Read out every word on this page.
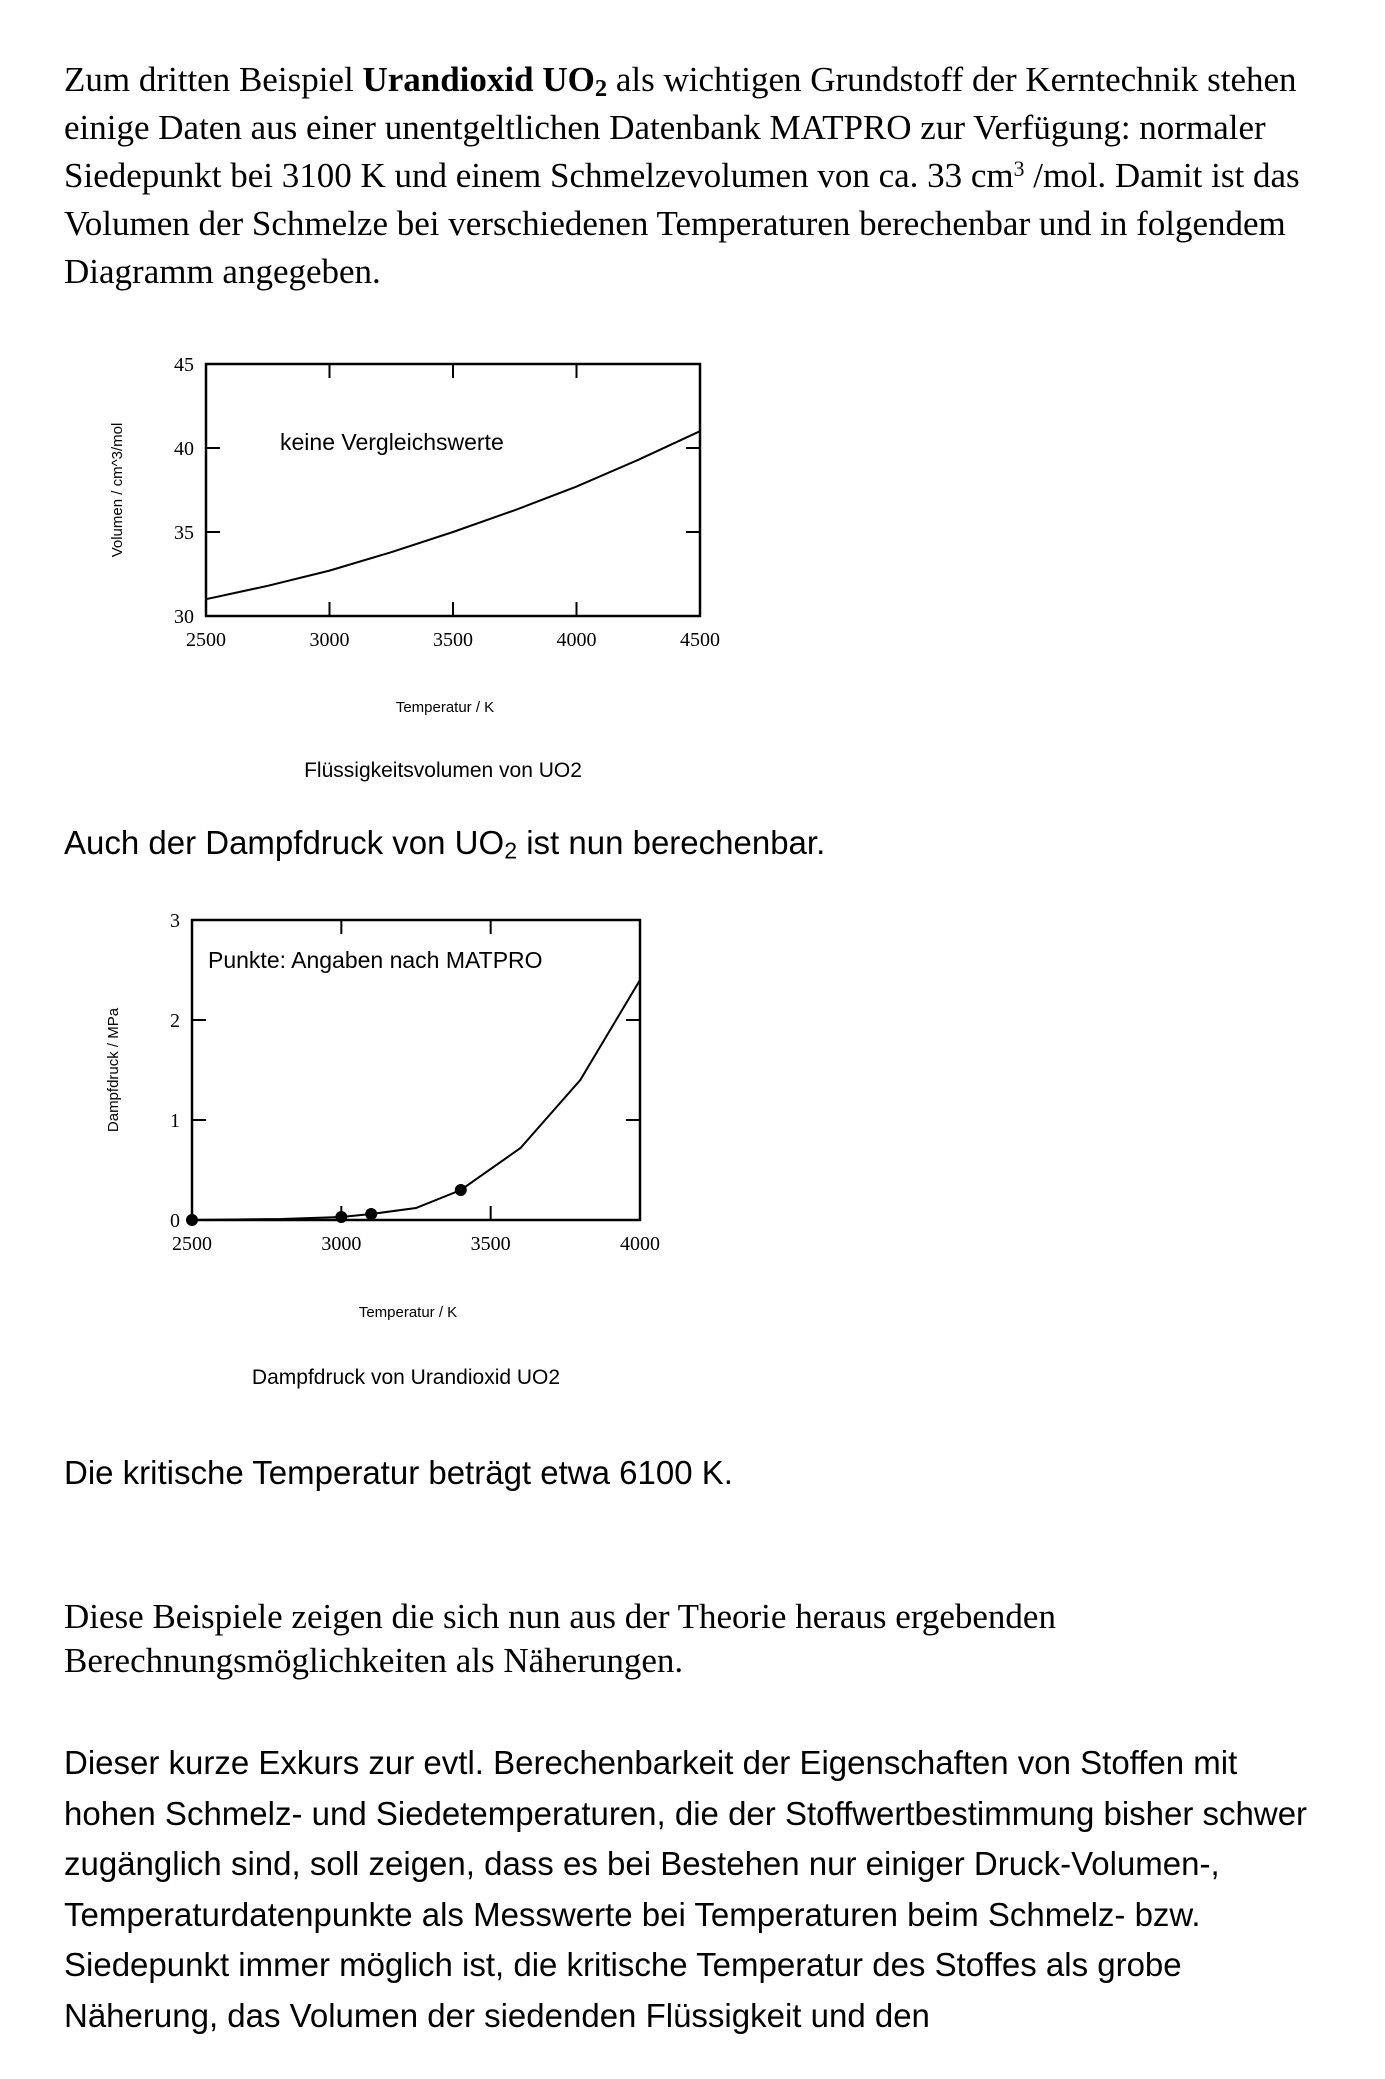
Zum dritten Beispiel Urandioxid $UO_2$ als wichtigen Grundstoff der Kerntechnik stehen einige Daten aus einer unentgeltlichen Datenbank MATPRO zur Verfügung: normaler Siedepunkt bei 3100 K und einem Schmelzevolumen von ca. 33 $cm^3$ /mol. Damit ist das Volumen der Schmelze bei verschiedenen Temperaturen berechenbar und in folgendem Diagramm angegeben.
30
35
40
45
2500	3000	3500	4000	4500
keine Vergleichswerte
Volumen / cm^3/mol
Temperatur / K
Flüssigkeitsvolumen von UO2
Auch der Dampfdruck von $UO_2$ ist nun berechenbar.
0
1
2
3
2500	3000	3500	4000
Punkte: Angaben nach MATPRO
Dampfdruck / MPa
Temperatur / K
Dampfdruck von Urandioxid UO2
Die kritische Temperatur beträgt etwa 6100 K.
Diese Beispiele zeigen die sich nun aus der Theorie heraus ergebenden Berechnungsmöglichkeiten als Näherungen.
Dieser kurze Exkurs zur evtl. Berechenbarkeit der Eigenschaften von Stoffen mit hohen Schmelz- und Siedetemperaturen, die der Stoffwertbestimmung bisher schwer zugänglich sind, soll zeigen, dass es bei Bestehen nur einiger Druck-Volumen-, Temperaturdatenpunkte als Messwerte bei Temperaturen beim Schmelz- bzw. Siedepunkt immer möglich ist, die kritische Temperatur des Stoffes als grobe Näherung, das Volumen der siedenden Flüssigkeit und den
